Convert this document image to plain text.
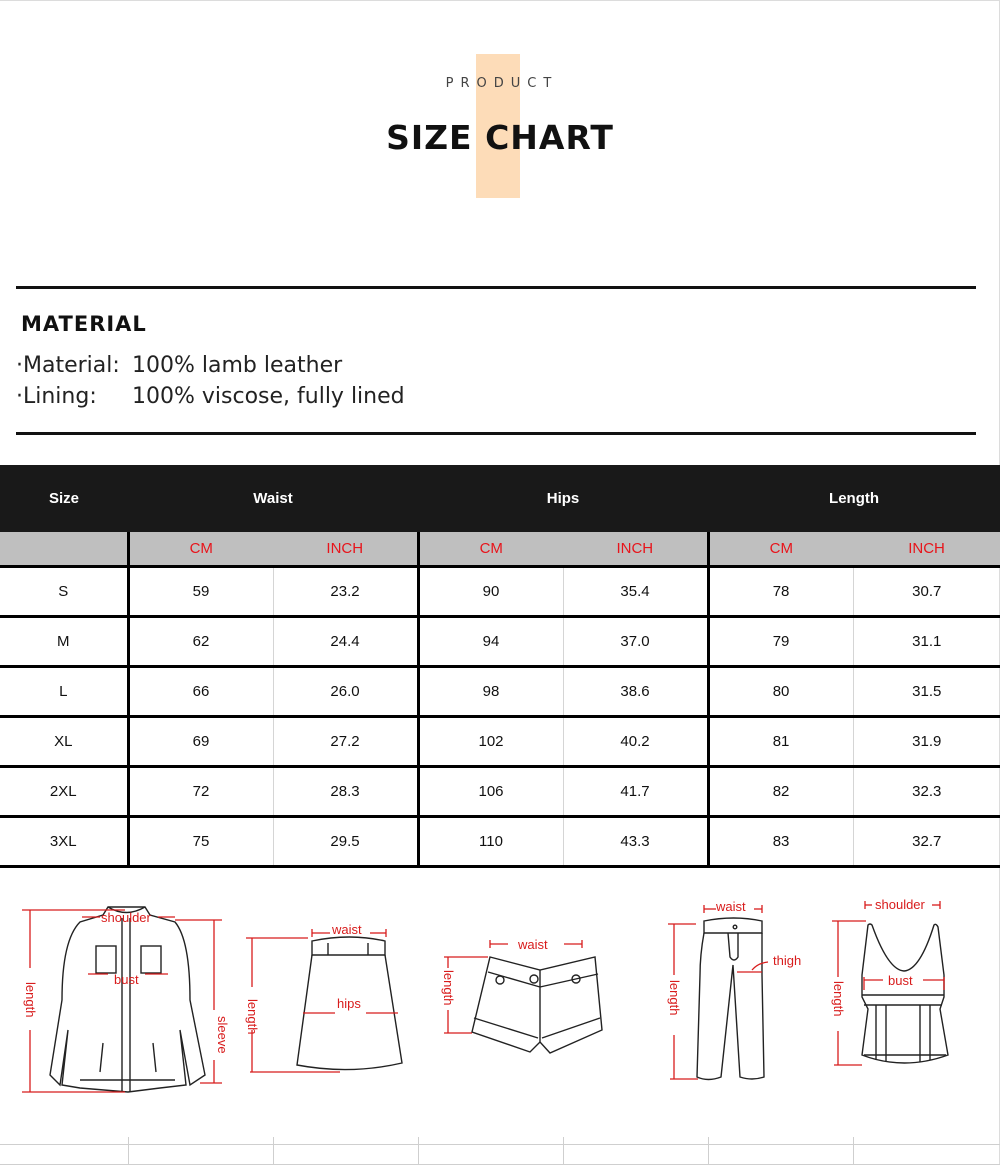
PRODUCT
SIZE CHART
MATERIAL
·Material: 100% lamb leather
·Lining: 100% viscose, fully lined
Size	Waist		Hips		Length	
	CM	INCH	CM	INCH	CM	INCH
S	59	23.2	90	35.4	78	30.7
M	62	24.4	94	37.0	79	31.1
L	66	26.0	98	38.6	80	31.5
XL	69	27.2	102	40.2	81	31.9
2XL	72	28.3	106	41.7	82	32.3
3XL	75	29.5	110	43.3	83	32.7
shoulder
bust
length
sleeve
waist
hips
length
waist
length
waist
thigh
length
shoulder
bust
length
